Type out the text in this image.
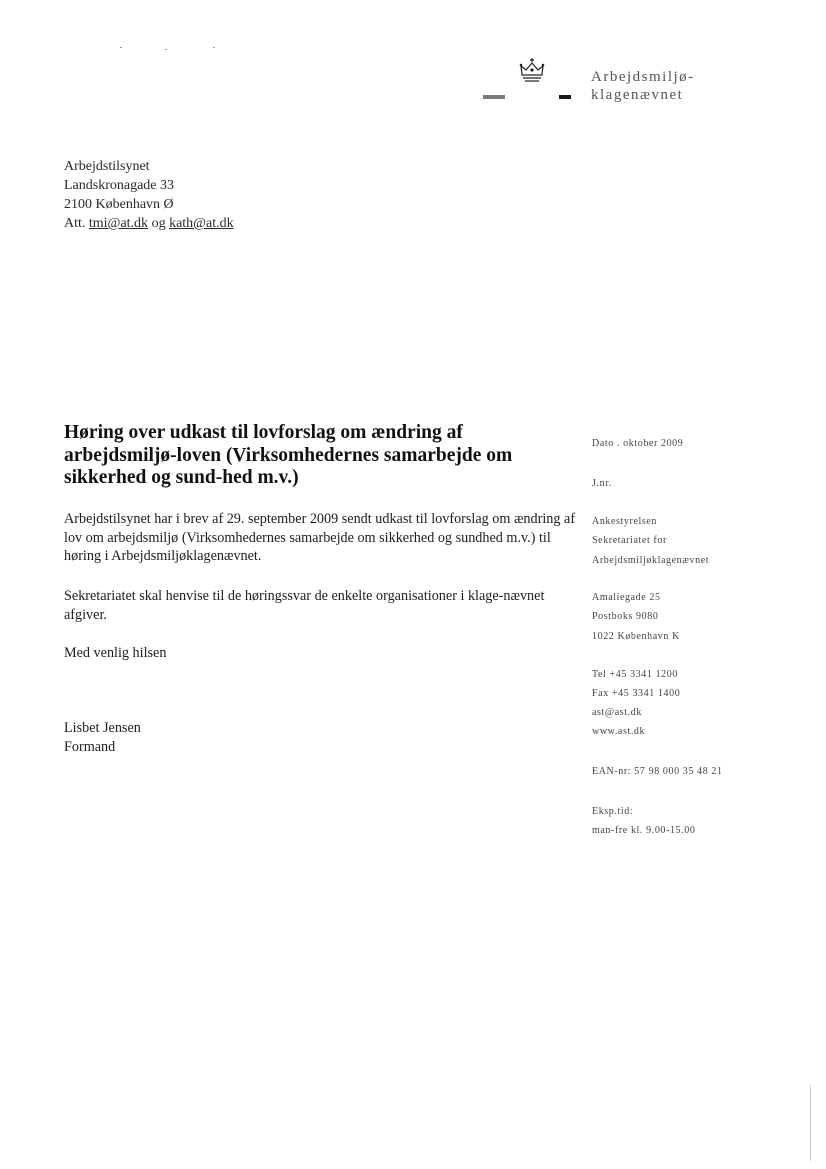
Arbejdsmiljø-
klagenævnet
Arbejdstilsynet
Landskronagade 33
2100 København Ø
Att. tmi@at.dk og kath@at.dk
Høring over udkast til lovforslag om ændring af arbejdsmiljø-loven (Virksomhedernes samarbejde om sikkerhed og sund-hed m.v.)

Arbejdstilsynet har i brev af 29. september 2009 sendt udkast til lovforslag om ændring af lov om arbejdsmiljø (Virksomhedernes samarbejde om sikkerhed og sundhed m.v.) til høring i Arbejdsmiljøklagenævnet.

Sekretariatet skal henvise til de høringssvar de enkelte organisationer i klage-nævnet afgiver.

Med venlig hilsen

Lisbet Jensen

Formand

Dato . oktober 2009
J.nr.
Ankestyrelsen
Sekretariatet for
Arbejdsmiljøklagenævnet
Amaliegade 25
Postboks 9080
1022 København K
Tel +45 3341 1200
Fax +45 3341 1400
ast@ast.dk
www.ast.dk
EAN-nr: 57 98 000 35 48 21
Eksp.tid:
man-fre kl. 9.00-15.00
